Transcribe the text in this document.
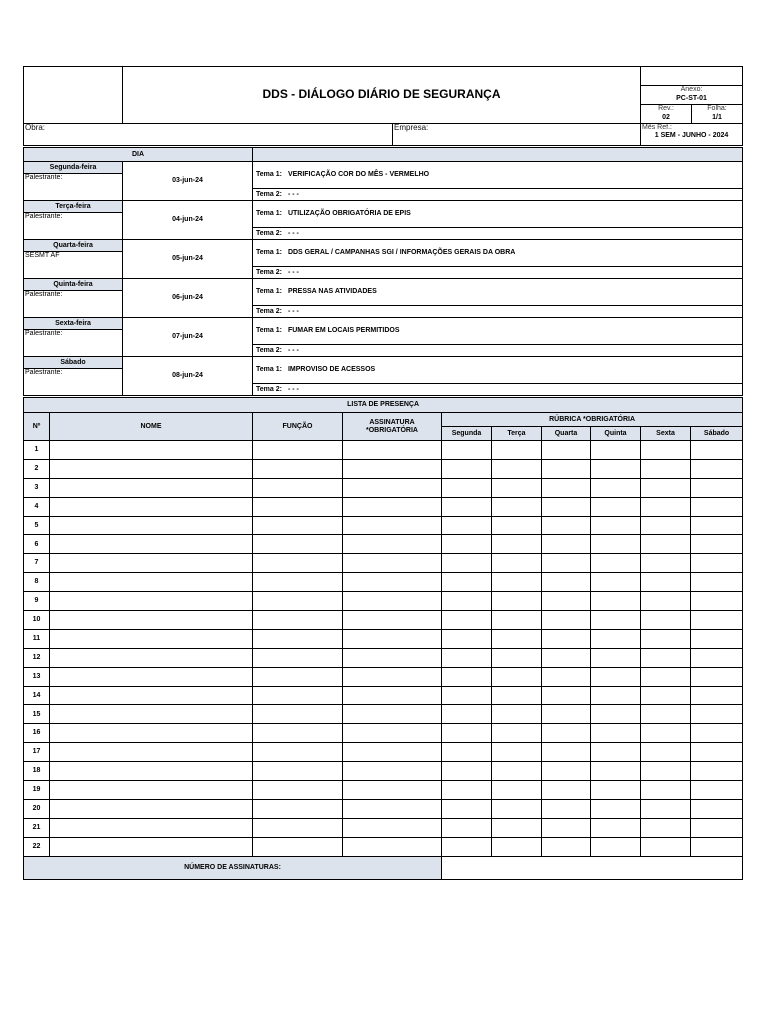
	DDS - DIÁLOGO DIÁRIO DE SEGURANÇA		Anexo:
PC-ST-01
Rev.:	Folha:
02	1/1

Obra:	Empresa:	Mês Ref.:
1 SEM - JUNHO - 2024
DIA		
Segunda-feira	03-jun-24	Tema 1: VERIFICAÇÃO COR DO MÊS - VERMELHO
Palestrante:		
		Tema 2: - - -
Terça-feira	04-jun-24	Tema 1: UTILIZAÇÃO OBRIGATÓRIA DE EPIS
Palestrante:		
		Tema 2: - - -
Quarta-feira	05-jun-24	Tema 1: DDS GERAL / CAMPANHAS SGI / INFORMAÇÕES GERAIS DA OBRA
SESMT AF		
		Tema 2: - - -
Quinta-feira	06-jun-24	Tema 1: PRESSA NAS ATIVIDADES
Palestrante:		
		Tema 2: - - -
Sexta-feira	07-jun-24	Tema 1: FUMAR EM LOCAIS PERMITIDOS
Palestrante:		
		Tema 2: - - -
Sábado	08-jun-24	Tema 1: IMPROVISO DE ACESSOS
Palestrante:		
		Tema 2: - - -
LISTA DE PRESENÇA									
Nº	NOME	FUNÇÃO	ASSINATURA *OBRIGATÓRIA	RÚBRICA *OBRIGATÓRIA					
				Segunda	Terça	Quarta	Quinta	Sexta	Sábado
1									
2									
3									
4									
5									
6									
7									
8									
9									
10									
11									
12									
13									
14									
15									
16									
17									
18									
19									
20									
21									
22									
NÚMERO DE ASSINATURAS:									
